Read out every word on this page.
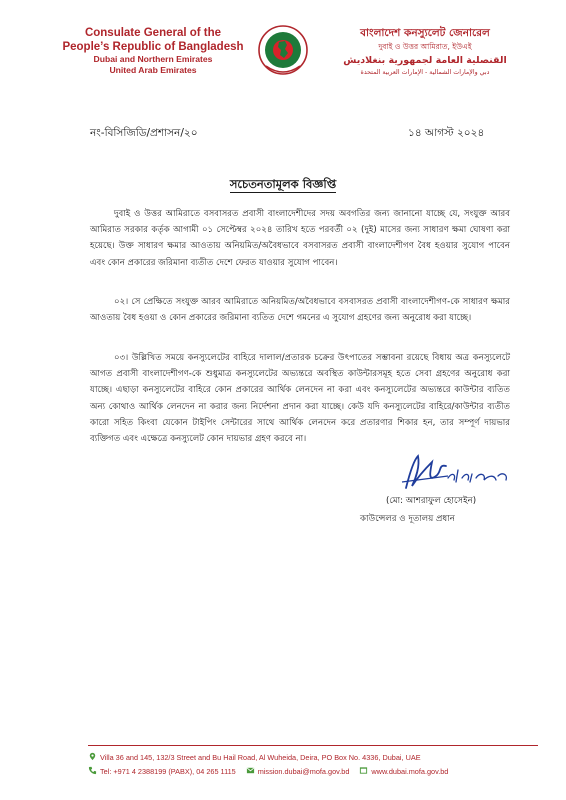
Consulate General of the
People’s Republic of Bangladesh
Dubai and Northern Emirates
United Arab Emirates
বাংলাদেশ কনস্যুলেট জেনারেল
দুবাই ও উত্তর আমিরাত, ইউএই
القنصلية العامة لجمهورية بنغلاديش
دبي والإمارات الشمالية - الإمارات العربية المتحدة
নং-বিসিজিডি/প্রশাসন/২০	১৪ আগস্ট ২০২৪
সচেতনতামূলক বিজ্ঞপ্তি

দুবাই ও উত্তর আমিরাতে বসবাসরত প্রবাসী বাংলাদেশীদের সদয় অবগতির জন্য জানানো যাচ্ছে যে, সংযুক্ত আরব আমিরাত সরকার কর্তৃক আগামী ০১ সেপ্টেম্বর ২০২৪ তারিখ হতে পরবর্তী ০২ (দুই) মাসের জন্য সাধারণ ক্ষমা ঘোষণা করা হয়েছে। উক্ত সাধারণ ক্ষমার আওতায় অনিয়মিত/অবৈধভাবে বসবাসরত প্রবাসী বাংলাদেশীগণ বৈধ হওয়ার সুযোগ পাবেন এবং কোন প্রকারের জরিমানা ব্যতীত দেশে ফেরত যাওয়ার সুযোগ পাবেন।

০২। সে প্রেক্ষিতে সংযুক্ত আরব আমিরাতে অনিয়মিত/অবৈধভাবে বসবাসরত প্রবাসী বাংলাদেশীগণ-কে সাধারণ ক্ষমার আওতায় বৈধ হওয়া ও কোন প্রকারের জরিমানা ব্যতিত দেশে গমনের এ সুযোগ গ্রহণের জন্য অনুরোধ করা যাচ্ছে।

০৩। উল্লিখিত সময়ে কনস্যুলেটের বাহিরে দালাল/প্রতারক চক্রের উৎপাতের সম্ভাবনা রয়েছে বিধায় অত্র কনস্যুলেটে আগত প্রবাসী বাংলাদেশীগণ-কে শুধুমাত্র কনস্যুলেটের অভ্যন্তরে অবস্থিত কাউন্টারসমূহ হতে সেবা গ্রহণের অনুরোধ করা যাচ্ছে। এছাড়া কনস্যুলেটের বাহিরে কোন প্রকারের আর্থিক লেনদেন না করা এবং কনস্যুলেটের অভ্যন্তরে কাউন্টার ব্যতিত অন্য কোথাও আর্থিক লেনদেন না করার জন্য নির্দেশনা প্রদান করা যাচ্ছে। কেউ যদি কনস্যুলেটের বাহিরে/কাউন্টার ব্যতীত কারো সহিত কিংবা যেকোন টাইপিং সেন্টারের সাথে আর্থিক লেনদেন করে প্রতারণার শিকার হন, তার সম্পূর্ণ দায়ভার ব্যক্তিগত এবং এক্ষেত্রে কনস্যুলেট কোন দায়ভার গ্রহণ করবে না।

(মো: আশরাফুল হোসেইন)
কাউন্সেলর ও দূতালয় প্রধান
Villa 36 and 145, 132/3 Street and Bu Hail Road, Al Wuheida, Deira, PO Box No. 4336, Dubai, UAE
Tel: +971 4 2388199 (PABX), 04 265 1115	mission.dubai@mofa.gov.bd	www.dubai.mofa.gov.bd
